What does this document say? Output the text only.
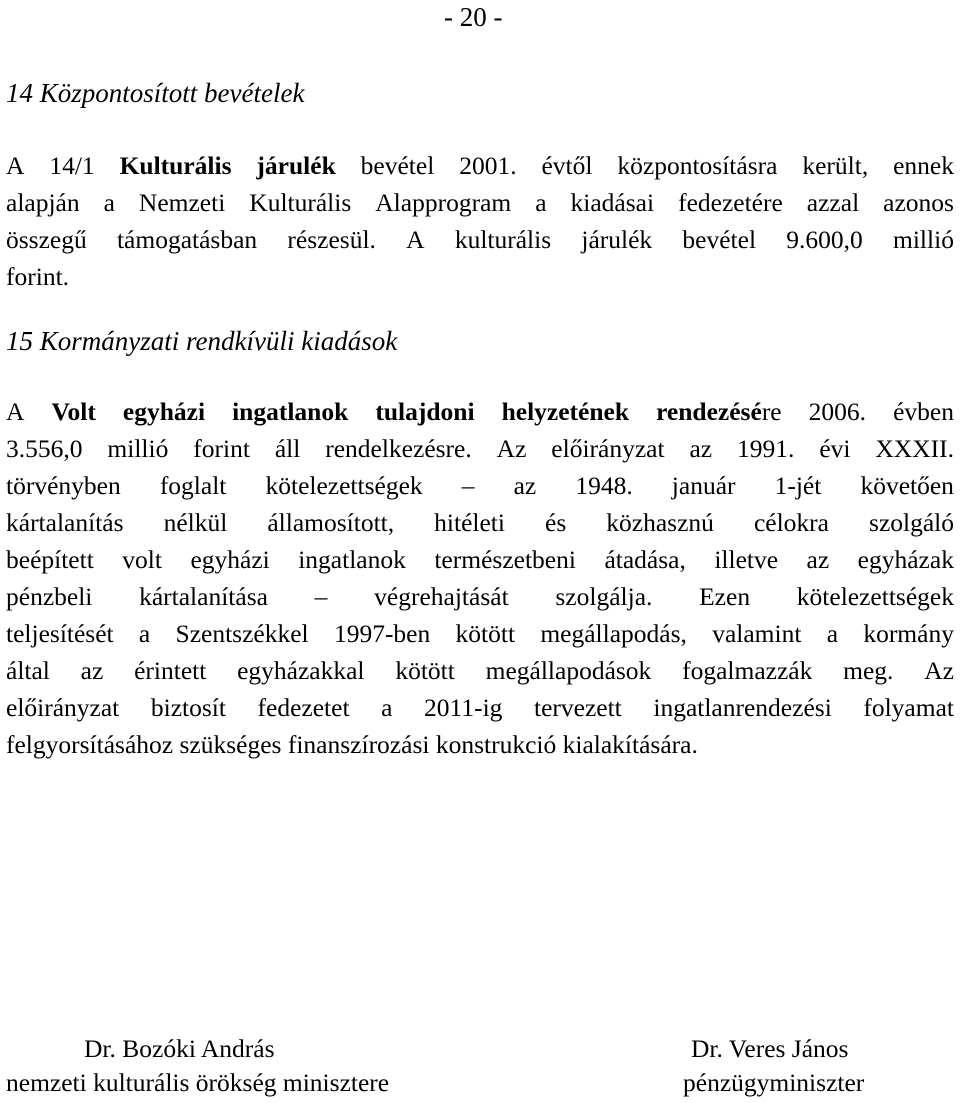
- 20 -
14 Központosított bevételek
A 14/1 Kulturális járulék bevétel 2001. évtől központosításra került, ennek
alapján a Nemzeti Kulturális Alapprogram a kiadásai fedezetére azzal azonos
összegű támogatásban részesül. A kulturális járulék bevétel 9.600,0 millió
forint.
15 Kormányzati rendkívüli kiadások
A Volt egyházi ingatlanok tulajdoni helyzetének rendezésére 2006. évben
3.556,0 millió forint áll rendelkezésre. Az előirányzat az 1991. évi XXXII.
törvényben foglalt kötelezettségek – az 1948. január 1-jét követően
kártalanítás nélkül államosított, hitéleti és közhasznú célokra szolgáló
beépített volt egyházi ingatlanok természetbeni átadása, illetve az egyházak
pénzbeli kártalanítása – végrehajtását szolgálja. Ezen kötelezettségek
teljesítését a Szentszékkel 1997-ben kötött megállapodás, valamint a kormány
által az érintett egyházakkal kötött megállapodások fogalmazzák meg. Az
előirányzat biztosít fedezetet a 2011-ig tervezett ingatlanrendezési folyamat
felgyorsításához szükséges finanszírozási konstrukció kialakítására.
Dr. Bozóki András
nemzeti kulturális örökség minisztere
Dr. Veres János
pénzügyminiszter
